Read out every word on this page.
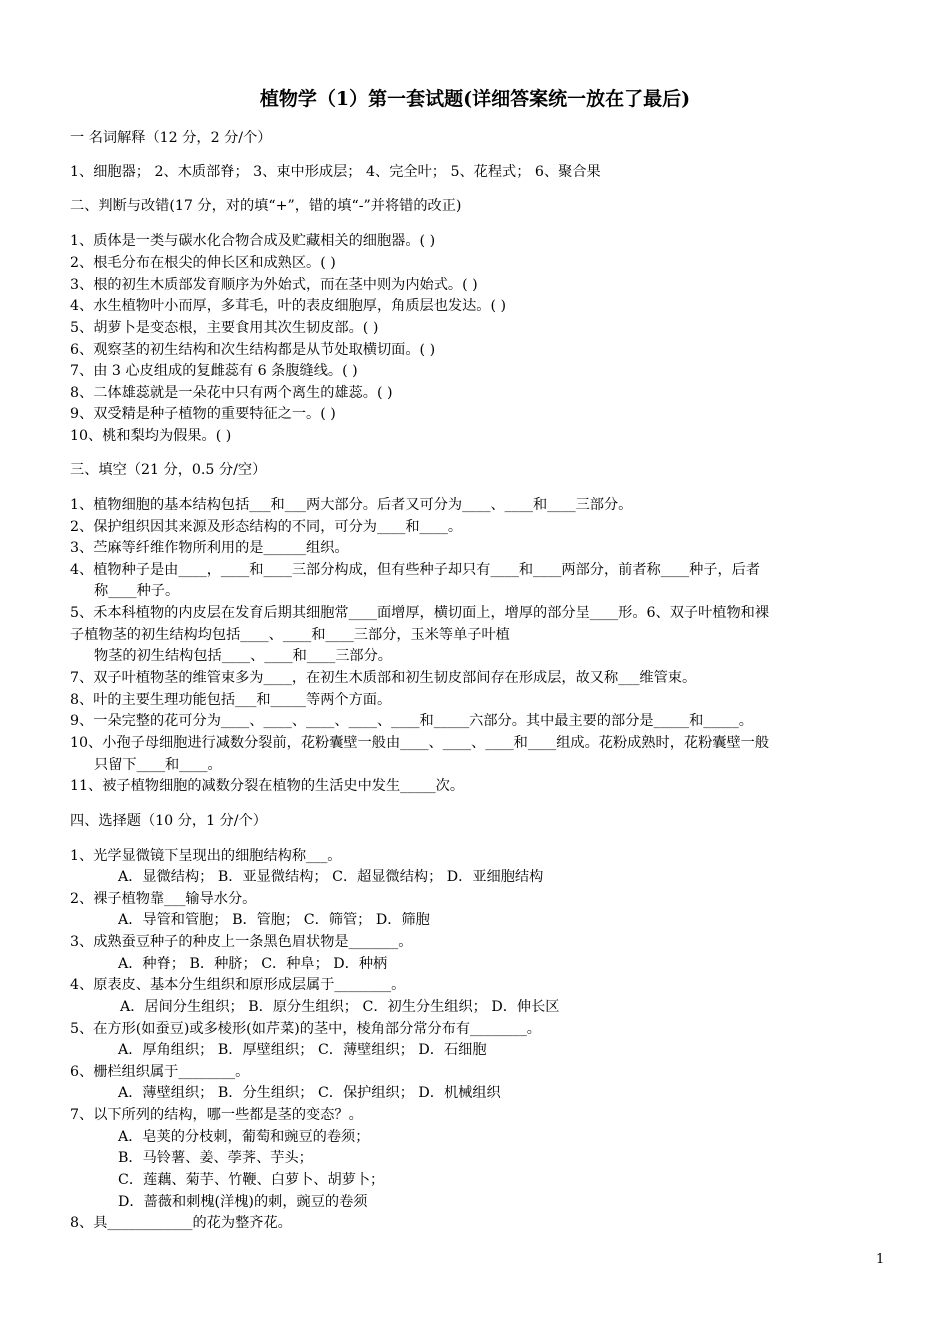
植物学（1）第一套试题(详细答案统一放在了最后)

一 名词解释（12 分，2 分/个）

1、细胞器； 2、木质部脊； 3、束中形成层； 4、完全叶； 5、花程式； 6、聚合果

二、判断与改错(17 分，对的填“+”，错的填“-”并将错的改正)

1、质体是一类与碳水化合物合成及贮藏相关的细胞器。( )

2、根毛分布在根尖的伸长区和成熟区。( )

3、根的初生木质部发育顺序为外始式，而在茎中则为内始式。( )

4、水生植物叶小而厚，多茸毛，叶的表皮细胞厚，角质层也发达。( )

5、胡萝卜是变态根，主要食用其次生韧皮部。( )

6、观察茎的初生结构和次生结构都是从节处取横切面。( )

7、由 3 心皮组成的复雌蕊有 6 条腹缝线。( )

8、二体雄蕊就是一朵花中只有两个离生的雄蕊。( )

9、双受精是种子植物的重要特征之一。( )

10、桃和梨均为假果。( )

三、填空（21 分，0.5 分/空）

1、植物细胞的基本结构包括___和___两大部分。后者又可分为____、____和____三部分。

2、保护组织因其来源及形态结构的不同，可分为____和____。

3、苎麻等纤维作物所利用的是______组织。

4、植物种子是由____，____和____三部分构成，但有些种子却只有____和____两部分，前者称____种子，后者

称____种子。

5、禾本科植物的内皮层在发育后期其细胞常____面增厚，横切面上，增厚的部分呈____形。6、双子叶植物和裸

子植物茎的初生结构均包括____、____和____三部分，玉米等单子叶植

物茎的初生结构包括____、____和____三部分。

7、双子叶植物茎的维管束多为____，在初生木质部和初生韧皮部间存在形成层，故又称___维管束。

8、叶的主要生理功能包括___和_____等两个方面。

9、一朵完整的花可分为____、____、____、____、____和_____六部分。其中最主要的部分是_____和_____。

10、小孢子母细胞进行减数分裂前，花粉囊壁一般由____、____、____和____组成。花粉成熟时，花粉囊壁一般

只留下____和____。

11、被子植物细胞的减数分裂在植物的生活史中发生_____次。

四、选择题（10 分，1 分/个）

1、光学显微镜下呈现出的细胞结构称___。

A．显微结构； B．亚显微结构； C．超显微结构； D．亚细胞结构

2、裸子植物靠___输导水分。

A．导管和管胞； B．管胞； C．筛管； D．筛胞

3、成熟蚕豆种子的种皮上一条黑色眉状物是_______。

A．种脊； B．种脐； C．种阜； D．种柄

4、原表皮、基本分生组织和原形成层属于________。

A．居间分生组织； B．原分生组织； C．初生分生组织； D．伸长区

5、在方形(如蚕豆)或多棱形(如芹菜)的茎中，棱角部分常分布有________。

A．厚角组织； B．厚壁组织； C．薄壁组织； D．石细胞

6、栅栏组织属于________。

A．薄壁组织； B．分生组织； C．保护组织； D．机械组织

7、以下所列的结构，哪一些都是茎的变态？。

A．皂荚的分枝刺，葡萄和豌豆的卷须；

B．马铃薯、姜、荸荠、芋头；

C．莲藕、菊芋、竹鞭、白萝卜、胡萝卜；

D．蔷薇和刺槐(洋槐)的刺，豌豆的卷须

8、具____________的花为整齐花。

1
